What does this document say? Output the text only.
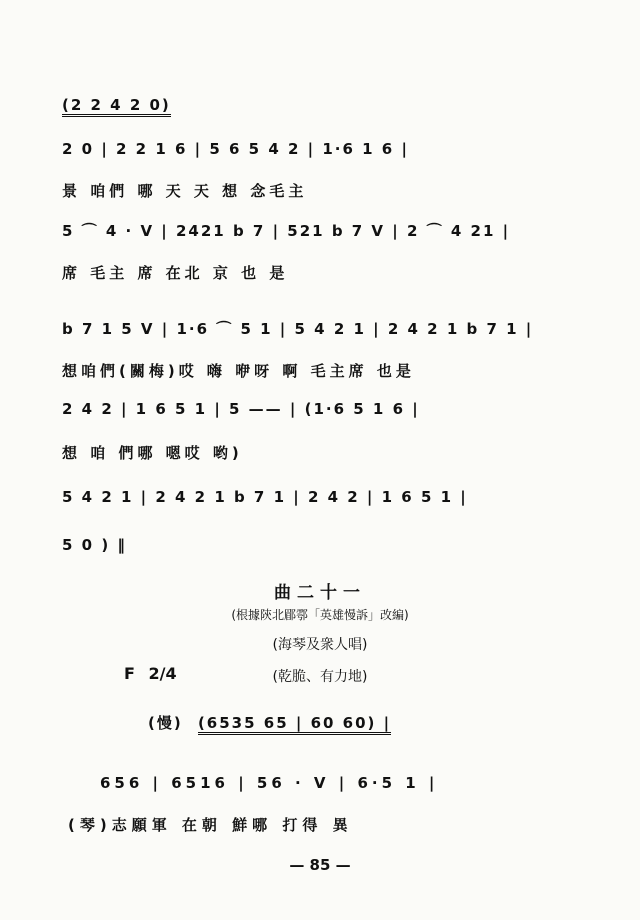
(2 2 4 2 0)
2 0 | 2 2 1 6 | 5 6 5 4 2 | 1·6 1 6 |
景 咱們 哪 天 天 想 念毛主
5 ⌒ 4 · V | 2421 b 7 | 521 b 7 V | 2 ⌒ 4 21 |
席 毛主 席 在北 京 也 是
b 7 1 5 V | 1·6 ⌒ 5 1 | 5 4 2 1 | 2 4 2 1 b 7 1 |
想咱們(關梅)哎 嗨 咿呀 啊 毛主席 也是
2 4 2 | 1 6 5 1 | 5 —— | (1·6 5 1 6 |
想 咱 們哪 嗯哎 哟)
5 4 2 1 | 2 4 2 1 b 7 1 | 2 4 2 | 1 6 5 1 |
5 0 ) ‖
曲二十一
(根據陝北郿鄠「英雄慢訴」改編)
(海琴及衆人唱)
F 2/4	(乾脆、有力地)
(慢) (6535 65 | 60 60) |
656 | 6516 | 56 · V | 6·5 1 |
(琴)志願軍 在朝 鮮哪 打得 異
— 85 —
